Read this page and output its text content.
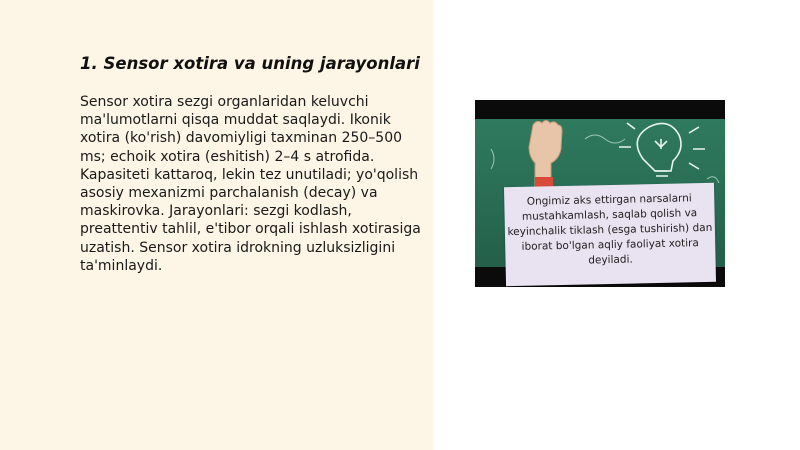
1. Sensor xotira va uning jarayonlari
Sensor xotira sezgi organlaridan keluvchi ma'lumotlarni qisqa muddat saqlaydi. Ikonik xotira (ko'rish) davomiyligi taxminan 250–500 ms; echoik xotira (eshitish) 2–4 s atrofida. Kapasiteti kattaroq, lekin tez unutiladi; yo'qolish asosiy mexanizmi parchalanish (decay) va maskirovka. Jarayonlari: sezgi kodlash, preattentiv tahlil, e'tibor orqali ishlash xotirasiga uzatish. Sensor xotira idrokning uzluksizligini ta'minlaydi.
Ongimiz aks ettirgan narsalarni mustahkamlash, saqlab qolish va keyinchalik tiklash (esga tushirish) dan iborat bo'lgan aqliy faoliyat xotira deyiladi.
